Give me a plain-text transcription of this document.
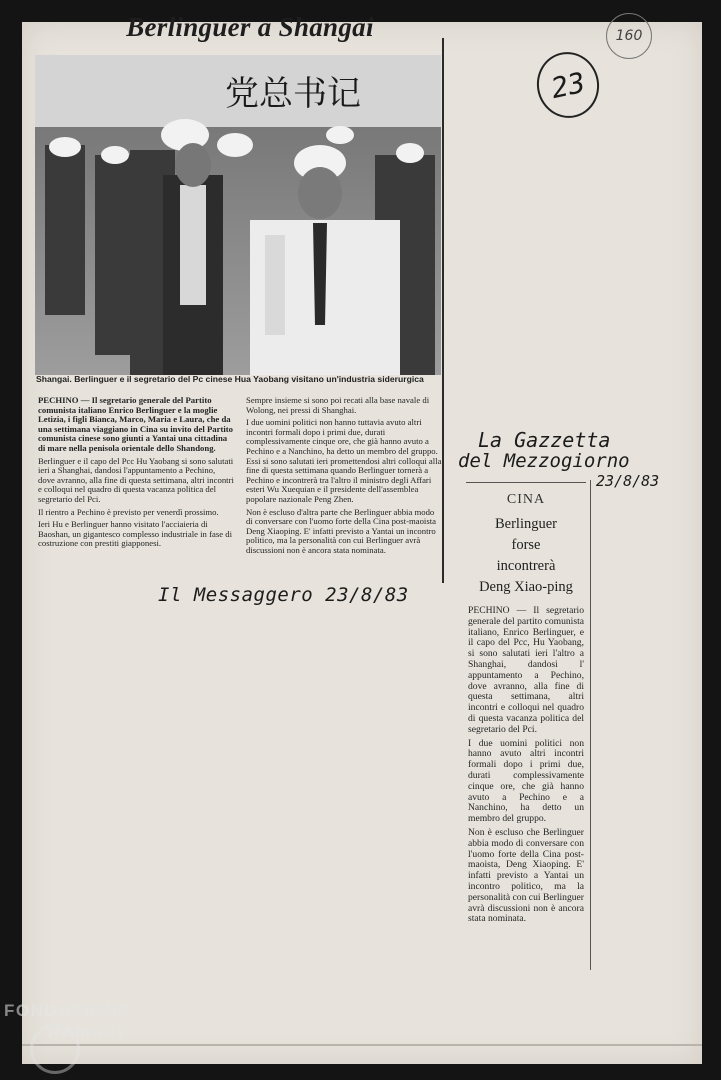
160
Berlinguer a Shangai
党总书记
Shangai. Berlinguer e il segretario del Pc cinese Hua Yaobang visitano un'industria siderurgica

PECHINO — Il segretario generale del Partito comunista italiano Enrico Berlinguer e la moglie Letizia, i figli Bianca, Marco, Maria e Laura, che da una settimana viaggiano in Cina su invito del Partito comunista cinese sono giunti a Yantai una cittadina di mare nella penisola orientale dello Shandong.

Berlinguer e il capo del Pcc Hu Yaobang si sono salutati ieri a Shanghai, dandosi l'appuntamento a Pechino, dove avranno, alla fine di questa settimana, altri incontri e colloqui nel quadro di questa vacanza politica del segretario del Pci.

Il rientro a Pechino è previsto per venerdì prossimo.

Ieri Hu e Berlinguer hanno visitato l'acciaieria di Baoshan, un gigantesco complesso industriale in fase di costruzione con prestiti giapponesi.

Sempre insieme si sono poi recati alla base navale di Wolong, nei pressi di Shanghai.

I due uomini politici non hanno tuttavia avuto altri incontri formali dopo i primi due, durati complessivamente cinque ore, che già hanno avuto a Pechino e a Nanchino, ha detto un membro del gruppo. Essi si sono salutati ieri promettendosi altri colloqui alla fine di questa settimana quando Berlinguer tornerà a Pechino e incontrerà tra l'altro il ministro degli Affari esteri Wu Xuequian e il presidente dell'assemblea popolare nazionale Peng Zhen.

Non è escluso d'altra parte che Berlinguer abbia modo di conversare con l'uomo forte della Cina post-maoista Deng Xiaoping. E' infatti previsto a Yantai un incontro politico, ma la personalità con cui Berlinguer avrà discussioni non è ancora stata nominata.

Il Messaggero 23/8/83
23
La Gazzetta
del Mezzogiorno
23/8/83
CINA
Berlinguer
forse
incontrerà
Deng Xiao-ping

PECHINO — Il segretario generale del partito comunista italiano, Enrico Berlinguer, e il capo del Pcc, Hu Yaobang, si sono salutati ieri l'altro a Shanghai, dandosi l' appuntamento a Pechino, dove avranno, alla fine di questa settimana, altri incontri e colloqui nel quadro di questa vacanza politica del segretario del Pci.

I due uomini politici non hanno avuto altri incontri formali dopo i primi due, durati complessivamente cinque ore, che già hanno avuto a Pechino e a Nanchino, ha detto un membro del gruppo.

Non è escluso che Berlinguer abbia modo di conversare con l'uomo forte della Cina post-maoista, Deng Xiaoping. E' infatti previsto a Yantai un incontro politico, ma la personalità con cui Berlinguer avrà discussioni non è ancora stata nominata.

FONDAZIONE
RAMSCI
